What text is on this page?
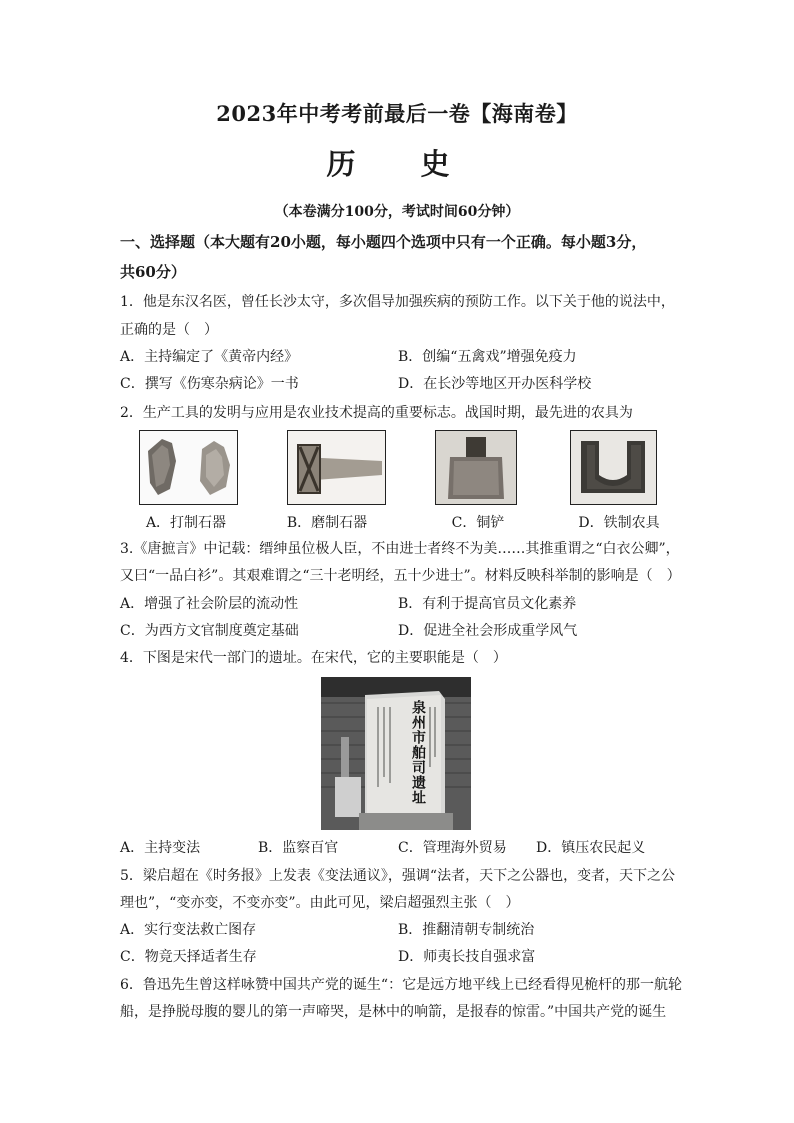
2023年中考考前最后一卷【海南卷】
历　史
（本卷满分100分，考试时间60分钟）
一、选择题（本大题有20小题，每小题四个选项中只有一个正确。每小题3分，
共60分）
1．他是东汉名医，曾任长沙太守，多次倡导加强疾病的预防工作。以下关于他的说法中，
正确的是（　）
A．主持编定了《黄帝内经》	B．创编“五禽戏”增强免疫力
C．撰写《伤寒杂病论》一书	D．在长沙等地区开办医科学校
2．生产工具的发明与应用是农业技术提高的重要标志。战国时期，最先进的农具为
A．打制石器	B．磨制石器	C．铜铲	D．铁制农具
3.《唐摭言》中记载：缙绅虽位极人臣，不由进士者终不为美……其推重谓之“白衣公卿”，
又曰“一品白衫”。其艰难谓之“三十老明经，五十少进士”。材料反映科举制的影响是（　）
A．增强了社会阶层的流动性	B．有利于提高官员文化素养
C．为西方文官制度奠定基础	D．促进全社会形成重学风气
4．下图是宋代一部门的遗址。在宋代，它的主要职能是（　）
泉州市舶司遗址
A．主持变法	B．监察百官	C．管理海外贸易 D．镇压农民起义
5．梁启超在《时务报》上发表《变法通议》，强调“法者，天下之公器也，变者，天下之公
理也”，“变亦变，不变亦变”。由此可见，梁启超强烈主张（　）
A．实行变法救亡图存	B．推翻清朝专制统治
C．物竞天择适者生存	D．师夷长技自强求富
6．鲁迅先生曾这样咏赞中国共产党的诞生“：它是远方地平线上已经看得见桅杆的那一航轮
船，是挣脱母腹的婴儿的第一声啼哭，是林中的响箭，是报春的惊雷。”中国共产党的诞生
